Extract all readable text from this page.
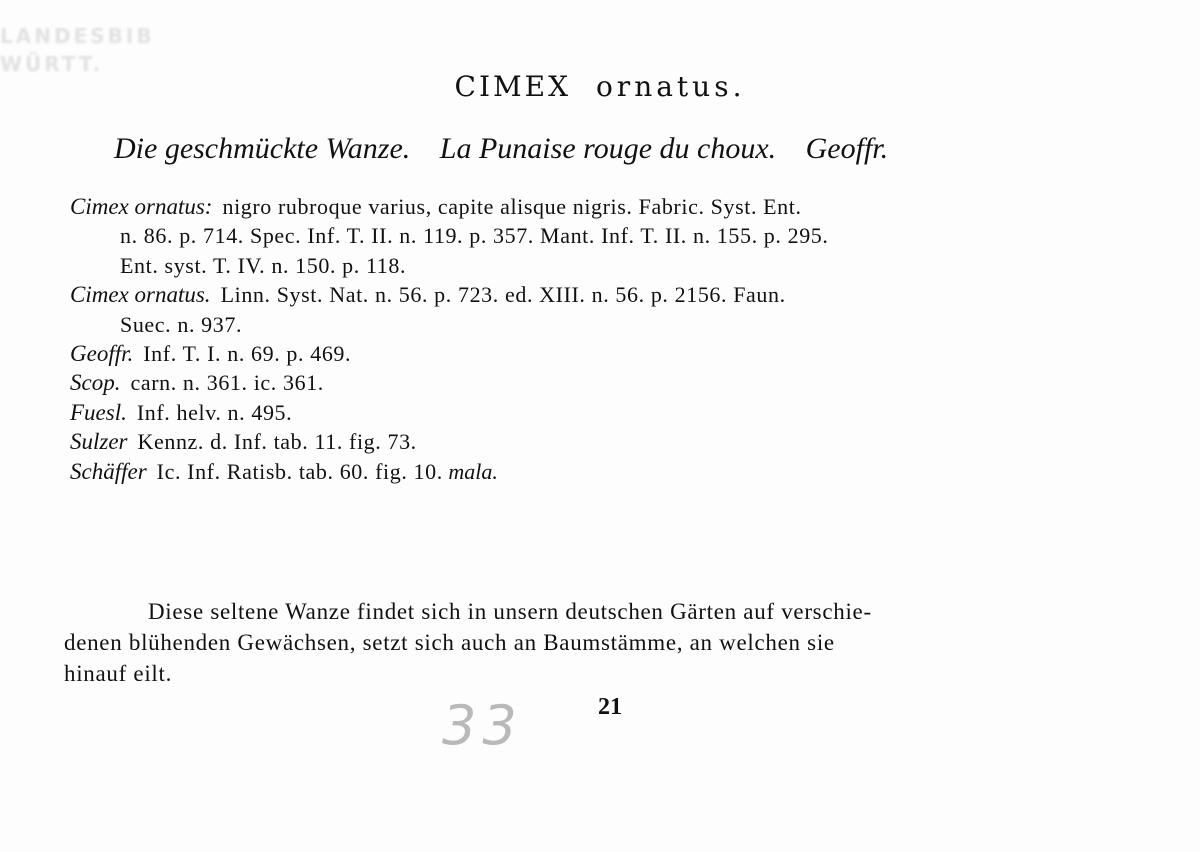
LANDESBIB
WÜRTT.
CIMEX ornatus.
Die geschmückte Wanze. La Punaise rouge du choux. Geoffr.
Cimex ornatus: nigro rubroque varius, capite alisque nigris. Fabric. Syst. Ent.
n. 86. p. 714. Spec. Inf. T. II. n. 119. p. 357. Mant. Inf. T. II. n. 155. p. 295.
Ent. syst. T. IV. n. 150. p. 118.
Cimex ornatus. Linn. Syst. Nat. n. 56. p. 723. ed. XIII. n. 56. p. 2156. Faun.
Suec. n. 937.
Geoffr. Inf. T. I. n. 69. p. 469.
Scop. carn. n. 361. ic. 361.
Fuesl. Inf. helv. n. 495.
Sulzer Kennz. d. Inf. tab. 11. fig. 73.
Schäffer Ic. Inf. Ratisb. tab. 60. fig. 10. mala.
Diese seltene Wanze findet sich in unsern deutschen Gärten auf verschie-
denen blühenden Gewächsen, setzt sich auch an Baumstämme, an welchen sie
hinauf eilt.
33	21
